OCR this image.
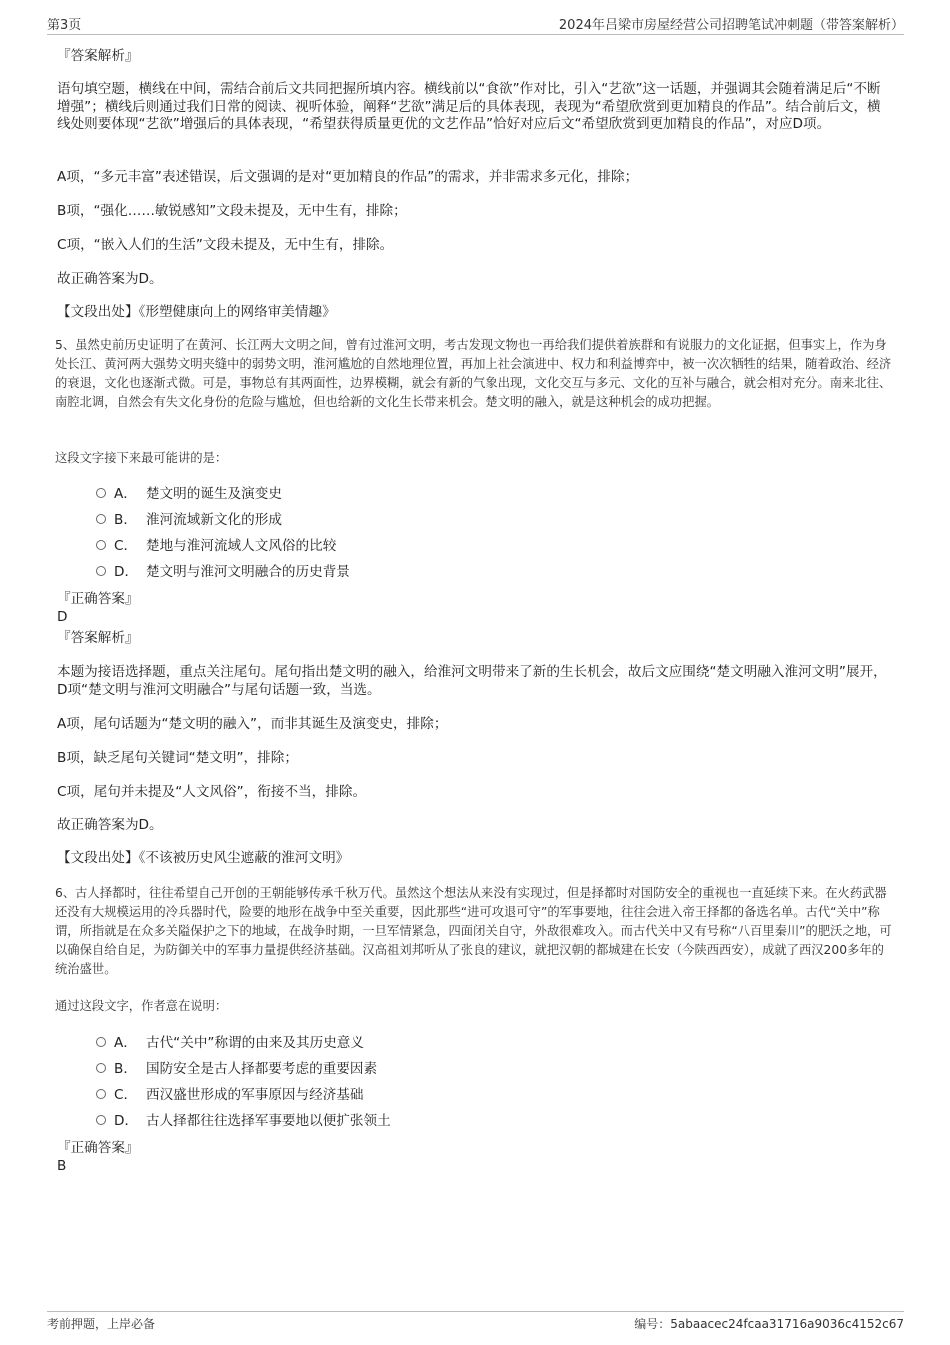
第3页	2024年吕梁市房屋经营公司招聘笔试冲刺题（带答案解析）
『答案解析』
语句填空题，横线在中间，需结合前后文共同把握所填内容。横线前以“食欲”作对比，引入“艺欲”这一话题，并强调其会随着满足后“不断增强”；横线后则通过我们日常的阅读、视听体验，阐释“艺欲”满足后的具体表现，表现为“希望欣赏到更加精良的作品”。结合前后文，横线处则要体现“艺欲”增强后的具体表现，“希望获得质量更优的文艺作品”恰好对应后文“希望欣赏到更加精良的作品”，对应D项。
A项，“多元丰富”表述错误，后文强调的是对“更加精良的作品”的需求，并非需求多元化，排除；
B项，“强化……敏锐感知”文段未提及，无中生有，排除；
C项，“嵌入人们的生活”文段未提及，无中生有，排除。
故正确答案为D。
【文段出处】《形塑健康向上的网络审美情趣》
5、虽然史前历史证明了在黄河、长江两大文明之间，曾有过淮河文明，考古发现文物也一再给我们提供着族群和有说服力的文化证据，但事实上，作为身处长江、黄河两大强势文明夹缝中的弱势文明，淮河尴尬的自然地理位置，再加上社会演进中、权力和利益博弈中，被一次次牺牲的结果，随着政治、经济的衰退，文化也逐渐式微。可是，事物总有其两面性，边界模糊，就会有新的气象出现，文化交互与多元、文化的互补与融合，就会相对充分。南来北往、南腔北调，自然会有失文化身份的危险与尴尬，但也给新的文化生长带来机会。楚文明的融入，就是这种机会的成功把握。
这段文字接下来最可能讲的是：
A． 楚文明的诞生及演变史
B． 淮河流域新文化的形成
C． 楚地与淮河流域人文风俗的比较
D． 楚文明与淮河文明融合的历史背景
『正确答案』
D
『答案解析』
本题为接语选择题，重点关注尾句。尾句指出楚文明的融入，给淮河文明带来了新的生长机会，故后文应围绕“楚文明融入淮河文明”展开，D项“楚文明与淮河文明融合”与尾句话题一致，当选。
A项，尾句话题为“楚文明的融入”，而非其诞生及演变史，排除；
B项，缺乏尾句关键词“楚文明”，排除；
C项，尾句并未提及“人文风俗”，衔接不当，排除。
故正确答案为D。
【文段出处】《不该被历史风尘遮蔽的淮河文明》
6、古人择都时，往往希望自己开创的王朝能够传承千秋万代。虽然这个想法从来没有实现过，但是择都时对国防安全的重视也一直延续下来。在火药武器还没有大规模运用的冷兵器时代，险要的地形在战争中至关重要，因此那些“进可攻退可守”的军事要地，往往会进入帝王择都的备选名单。古代“关中”称谓，所指就是在众多关隘保护之下的地域，在战争时期，一旦军情紧急，四面闭关自守，外敌很难攻入。而古代关中又有号称“八百里秦川”的肥沃之地，可以确保自给自足，为防御关中的军事力量提供经济基础。汉高祖刘邦听从了张良的建议，就把汉朝的都城建在长安（今陕西西安），成就了西汉200多年的统治盛世。
通过这段文字，作者意在说明：
A． 古代“关中”称谓的由来及其历史意义
B． 国防安全是古人择都要考虑的重要因素
C． 西汉盛世形成的军事原因与经济基础
D． 古人择都往往选择军事要地以便扩张领土
『正确答案』
B
考前押题，上岸必备	编号：5abaacec24fcaa31716a9036c4152c67
